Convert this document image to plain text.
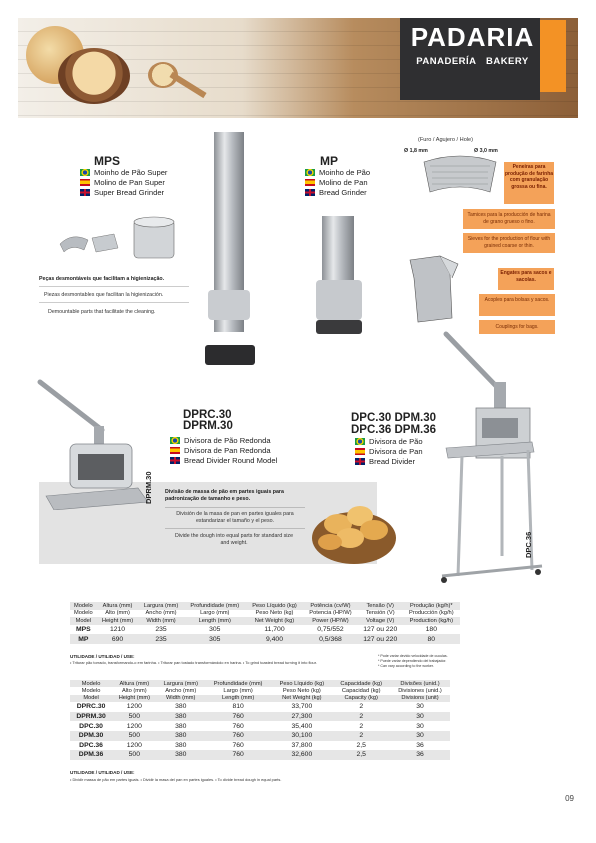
PADARIA
PANADERÍA BAKERY
MPS
Moinho de Pão Super
Molino de Pan Super
Super Bread Grinder
Peças desmontáveis que facilitam a higienização.
Piezas desmontables que facilitan la higienización.
Demountable parts that facilitate the cleaning.
MP
Moinho de Pão
Molino de Pan
Bread Grinder
(Furo / Agujero / Hole)
Ø 1,8 mm	Ø 3,0 mm
Peneiras para produção de farinha com granulação grossa ou fina.
Tamices para la producción de harina de grano grueso o fino.
Sieves for the production of flour with grained coarse or thin.
Engates para sacos e sacolas.
Acoples para bolsas y sacos.
Couplings for bags.
DPRM.30
DPRC.30
DPRM.30
Divisora de Pão Redonda
Divisora de Pan Redonda
Bread Divider Round Model
Divisão de massa de pão em partes iguais para padronização de tamanho e peso.
División de la masa de pan en partes iguales para estandarizar el tamaño y el peso.
Divide the dough into equal parts for standard size and weight.
DPC.30 DPM.30
DPC.36 DPM.36
Divisora de Pão
Divisora de Pan
Bread Divider
DPC.36
Modelo	Altura (mm)	Largura (mm)	Profundidade (mm)	Peso Líquido (kg)	Potência (cv/W)	Tensão (V)	Produção (kg/h)*
Modelo	Alto (mm)	Ancho (mm)	Largo (mm)	Peso Neto (kg)	Potencia (HP/W)	Tensión (V)	Producción (kg/h)
Model	Height (mm)	Width (mm)	Length (mm)	Net Weight (kg)	Power (HP/W)	Voltage (V)	Production (kg/h)
MPS	1210	235	305	11,700	0,75/552	127 ou 220	180
MP	690	235	305	9,400	0,5/368	127 ou 220	80
UTILIDADE / UTILIDAD / USE:
• Triturar pão torrado, transformando-o em farinha. • Triturar pan tostado transformándolo en harina. • To grind toasted bread turning it into flour.
* Pode variar devido velocidade de cuculas.
* Puede variar dependiendo del trabajador.
* Can vary according to the worker.
Modelo	Altura (mm)	Largura (mm)	Profundidade (mm)	Peso Líquido (kg)	Capacidade (kg)	Divisões (unid.)
Modelo	Alto (mm)	Ancho (mm)	Largo (mm)	Peso Neto (kg)	Capacidad (kg)	Divisiones (unid.)
Model	Height (mm)	Width (mm)	Length (mm)	Net Weight (kg)	Capacity (kg)	Divisions (unit)
DPRC.30	1200	380	810	33,700	2	30
DPRM.30	500	380	760	27,300	2	30
DPC.30	1200	380	760	35,400	2	30
DPM.30	500	380	760	30,100	2	30
DPC.36	1200	380	760	37,800	2,5	36
DPM.36	500	380	760	32,600	2,5	36
UTILIDADE / UTILIDAD / USE:
• Dividir massa de pão em partes iguais. • Dividir la masa del pan en partes iguales. • To divide bread dough in equal parts.
09
